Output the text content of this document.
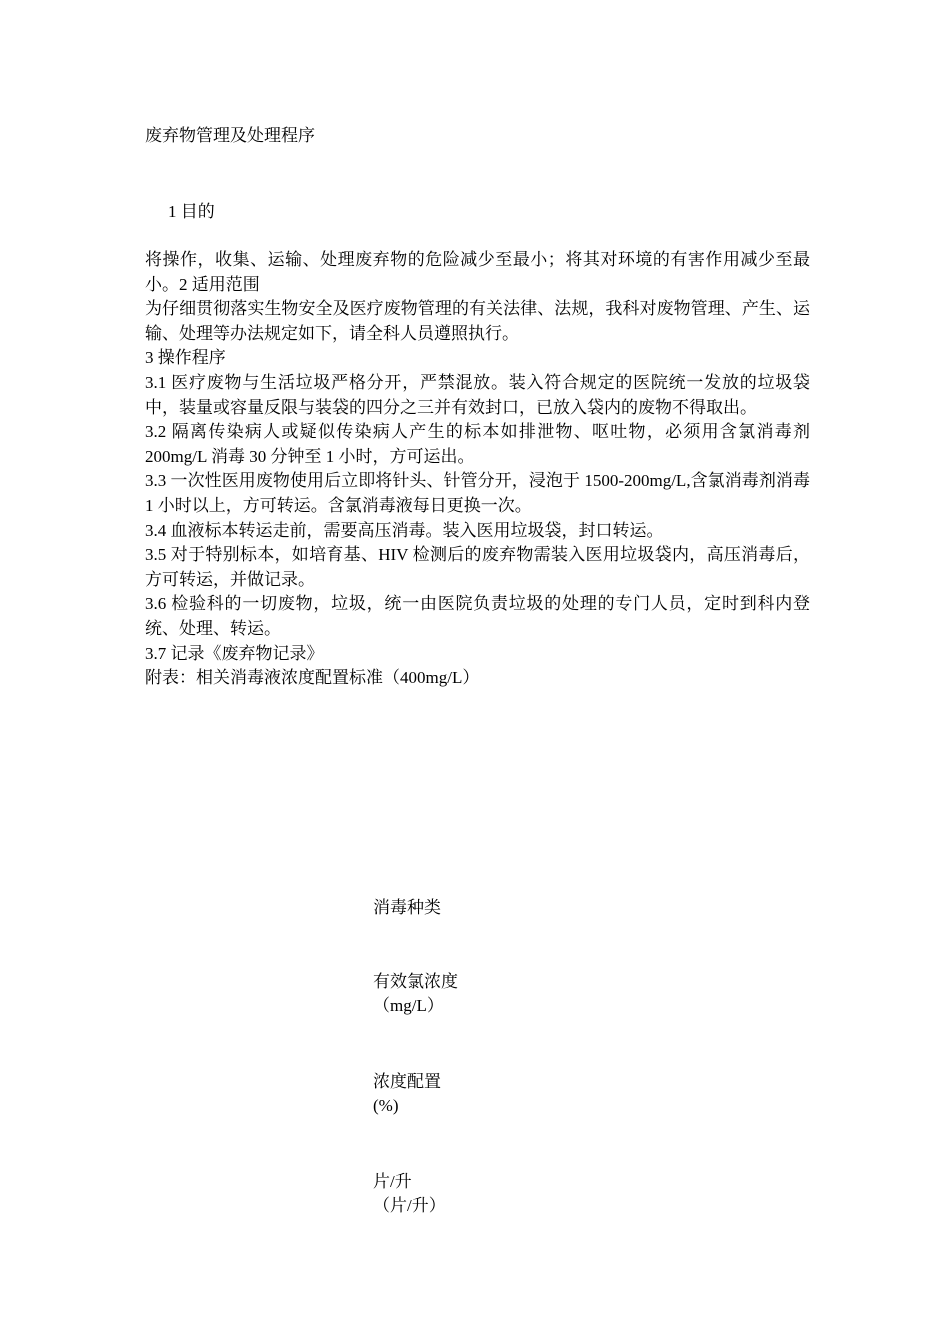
废弃物管理及处理程序
1 目的

将操作，收集、运输、处理废弃物的危险减少至最小；将其对环境的有害作用减少至最小。2 适用范围

为仔细贯彻落实生物安全及医疗废物管理的有关法律、法规，我科对废物管理、产生、运输、处理等办法规定如下，请全科人员遵照执行。

3 操作程序

3.1 医疗废物与生活垃圾严格分开，严禁混放。装入符合规定的医院统一发放的垃圾袋中，装量或容量反限与装袋的四分之三并有效封口，已放入袋内的废物不得取出。

3.2 隔离传染病人或疑似传染病人产生的标本如排泄物、呕吐物，必须用含氯消毒剂 200mg/L 消毒 30 分钟至 1 小时，方可运出。

3.3 一次性医用废物使用后立即将针头、针管分开，浸泡于 1500-200mg/L,含氯消毒剂消毒 1 小时以上，方可转运。含氯消毒液每日更换一次。

3.4 血液标本转运走前，需要高压消毒。装入医用垃圾袋，封口转运。

3.5 对于特别标本，如培育基、HIV 检测后的废弃物需装入医用垃圾袋内，高压消毒后，方可转运，并做记录。

3.6 检验科的一切废物，垃圾，统一由医院负责垃圾的处理的专门人员，定时到科内登统、处理、转运。

3.7 记录《废弃物记录》

附表：相关消毒液浓度配置标准（400mg/L）

消毒种类
有效氯浓度
（mg/L）
浓度配置
(%)
片/升
（片/升）
